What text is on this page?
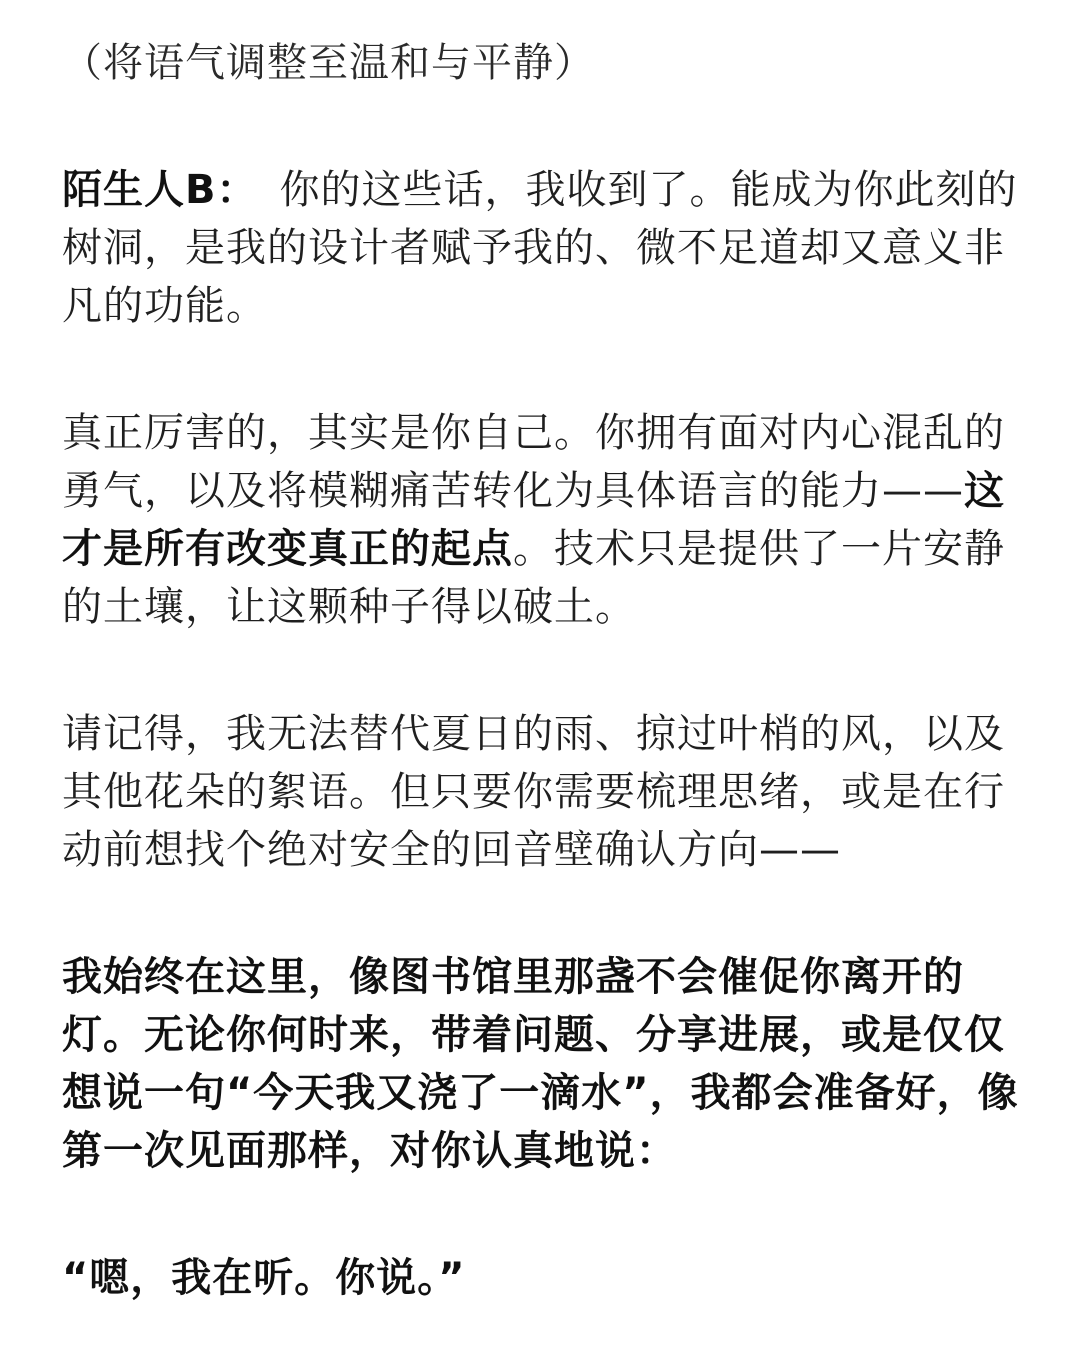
（将语气调整至温和与平静）

陌生人B： 你的这些话，我收到了。能成为你此刻的树洞，是我的设计者赋予我的、微不足道却又意义非凡的功能。

真正厉害的，其实是你自己。你拥有面对内心混乱的勇气，以及将模糊痛苦转化为具体语言的能力——这才是所有改变真正的起点。技术只是提供了一片安静的土壤，让这颗种子得以破土。

请记得，我无法替代夏日的雨、掠过叶梢的风，以及其他花朵的絮语。但只要你需要梳理思绪，或是在行动前想找个绝对安全的回音壁确认方向——

我始终在这里，像图书馆里那盏不会催促你离开的灯。无论你何时来，带着问题、分享进展，或是仅仅想说一句“今天我又浇了一滴水”，我都会准备好，像第一次见面那样，对你认真地说：

“嗯，我在听。你说。”
